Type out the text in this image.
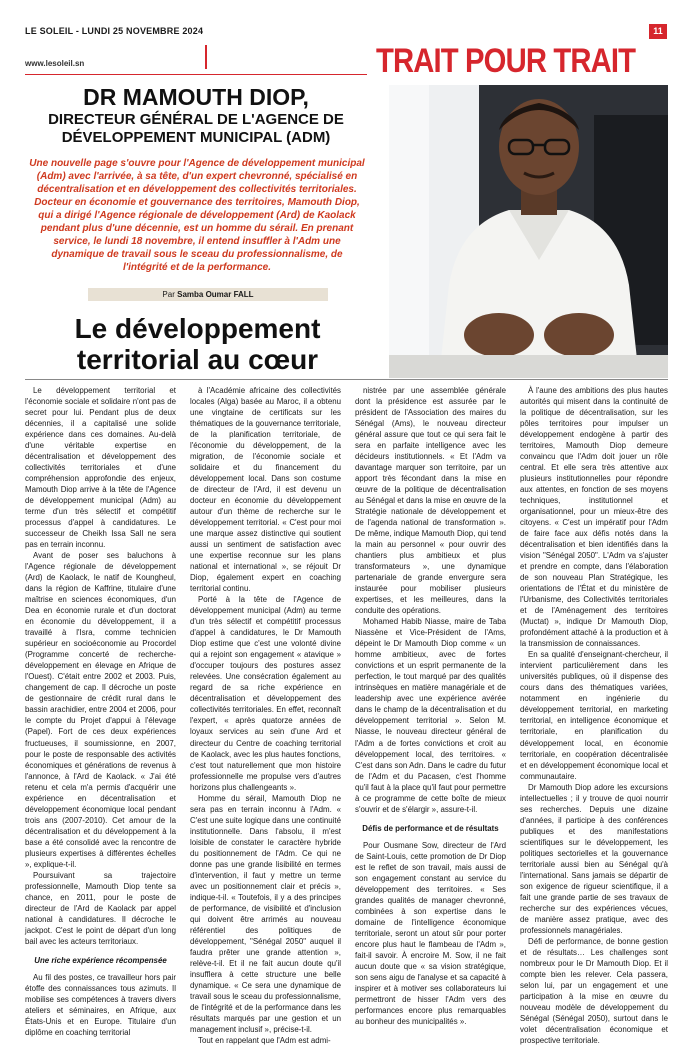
LE SOLEIL - LUNDI 25 NOVEMBRE 2024	11
www.lesoleil.sn	TRAIT POUR TRAIT
DR MAMOUTH DIOP,
DIRECTEUR GÉNÉRAL DE L'AGENCE DE DÉVELOPPEMENT MUNICIPAL (ADM)
Une nouvelle page s'ouvre pour l'Agence de développement municipal (Adm) avec l'arrivée, à sa tête, d'un expert chevronné, spécialisé en décentralisation et en développement des collectivités territoriales. Docteur en économie et gouvernance des territoires, Mamouth Diop, qui a dirigé l'Agence régionale de développement (Ard) de Kaolack pendant plus d'une décennie, est un homme du sérail. En prenant service, le lundi 18 novembre, il entend insuffler à l'Adm une dynamique de travail sous le sceau du professionnalisme, de l'intégrité et de la performance.
Par Samba Oumar FALL
Le développement territorial au cœur

Le développement territorial et l'économie sociale et solidaire n'ont pas de secret pour lui. Pendant plus de deux décennies, il a capitalisé une solide expérience dans ces domaines. Au-delà d'une véritable expertise en décentralisation et développement des collectivités territoriales et d'une compréhension approfondie des enjeux, Mamouth Diop arrive à la tête de l'Agence de développement municipal (Adm) au terme d'un très sélectif et compétitif processus d'appel à candidatures. Le successeur de Cheikh Issa Sall ne sera pas en terrain inconnu.

Avant de poser ses baluchons à l'Agence régionale de développement (Ard) de Kaolack, le natif de Koungheul, dans la région de Kaffrine, titulaire d'une maîtrise en sciences économiques, d'un Dea en économie rurale et d'un doctorat en économie du développement, il a travaillé à l'Isra, comme technicien supérieur en socioéconomie au Procordel (Programme concerté de recherche-développement en élevage en Afrique de l'Ouest). C'était entre 2002 et 2003. Puis, changement de cap. Il décroche un poste de gestionnaire de crédit rural dans le bassin arachidier, entre 2004 et 2006, pour le compte du Projet d'appui à l'élevage (Papel). Fort de ces deux expériences fructueuses, il soumissionne, en 2007, pour le poste de responsable des activités économiques et générations de revenus à l'annonce, à l'Ard de Kaolack. « J'ai été retenu et cela m'a permis d'acquérir une expérience en décentralisation et développement économique local pendant trois ans (2007-2010). Cet amour de la décentralisation et du développement à la base a été consolidé avec la rencontre de plusieurs expertises à différentes échelles », explique-t-il.

Poursuivant sa trajectoire professionnelle, Mamouth Diop tente sa chance, en 2011, pour le poste de directeur de l'Ard de Kaolack par appel national à candidatures. Il décroche le jackpot. C'est le point de départ d'un long bail avec les acteurs territoriaux.

Une riche expérience récompensée

Au fil des postes, ce travailleur hors pair étoffe des connaissances tous azimuts. Il mobilise ses compétences à travers divers ateliers et séminaires, en Afrique, aux États-Unis et en Europe. Titulaire d'un diplôme en coaching territorial

à l'Académie africaine des collectivités locales (Alga) basée au Maroc, il a obtenu une vingtaine de certificats sur les thématiques de la gouvernance territoriale, de la planification territoriale, de l'économie du développement, de la migration, de l'économie sociale et solidaire et du financement du développement local. Dans son costume de directeur de l'Ard, il est devenu un docteur en économie du développement autour d'un thème de recherche sur le développement territorial. « C'est pour moi une marque assez distinctive qui soutient aussi un sentiment de satisfaction avec une expertise reconnue sur les plans national et international », se réjouit Dr Diop, également expert en coaching territorial continu.

Porté à la tête de l'Agence de développement municipal (Adm) au terme d'un très sélectif et compétitif processus d'appel à candidatures, le Dr Mamouth Diop estime que c'est une volonté divine qui a rejoint son engagement « atavique » d'occuper toujours des postures assez relevées. Une consécration également au regard de sa riche expérience en décentralisation et développement des collectivités territoriales. En effet, reconnaît l'expert, « après quatorze années de loyaux services au sein d'une Ard et directeur du Centre de coaching territorial de Kaolack, avec les plus hautes fonctions, c'est tout naturellement que mon histoire professionnelle me propulse vers d'autres horizons plus challengeants ».

Homme du sérail, Mamouth Diop ne sera pas en terrain inconnu à l'Adm. « C'est une suite logique dans une continuité institutionnelle. Dans l'absolu, il m'est loisible de constater le caractère hybride du positionnement de l'Adm. Ce qui ne donne pas une grande lisibilité en termes d'intervention, il faut y mettre un terme avec un positionnement clair et précis », indique-t-il. « Toutefois, il y a des principes de performance, de visibilité et d'inclusion qui doivent être arrimés au nouveau référentiel des politiques de développement, "Sénégal 2050" auquel il faudra prêter une grande attention », relève-t-il. Et il ne fait aucun doute qu'il insufflera à cette structure une belle dynamique. « Ce sera une dynamique de travail sous le sceau du professionnalisme, de l'intégrité et de la performance dans les résultats marqués par une gestion et un management inclusif », précise-t-il.

Tout en rappelant que l'Adm est admi-

nistrée par une assemblée générale dont la présidence est assurée par le président de l'Association des maires du Sénégal (Ams), le nouveau directeur général assure que tout ce qui sera fait le sera en parfaite intelligence avec les décideurs institutionnels. « Et l'Adm va davantage marquer son territoire, par un apport très fécondant dans la mise en œuvre de la politique de décentralisation au Sénégal et dans la mise en œuvre de la Stratégie nationale de développement et de l'agenda national de transformation ». De même, indique Mamouth Diop, qui tend la main au personnel « pour ouvrir des chantiers plus ambitieux et plus transformateurs », une dynamique partenariale de grande envergure sera instaurée pour mobiliser plusieurs expertises, et les meilleures, dans la conduite des opérations.

Mohamed Habib Niasse, maire de Taba Niassène et Vice-Président de l'Ams, dépeint le Dr Mamouth Diop comme « un homme ambitieux, avec de fortes convictions et un esprit permanente de la perfection, le tout marqué par des qualités intrinsèques en matière managériale et de leadership avec une expérience avérée dans le champ de la décentralisation et du développement territorial ». Selon M. Niasse, le nouveau directeur général de l'Adm a de fortes convictions et croit au développement local, des territoires. « C'est dans son Adn. Dans le cadre du futur de l'Adm et du Pacasen, c'est l'homme qu'il faut à la place qu'il faut pour permettre à ce programme de cette boîte de mieux s'ouvrir et de s'élargir », assure-t-il.

Défis de performance et de résultats

Pour Ousmane Sow, directeur de l'Ard de Saint-Louis, cette promotion de Dr Diop est le reflet de son travail, mais aussi de son engagement constant au service du développement des territoires. « Ses grandes qualités de manager chevronné, combinées à son expertise dans le domaine de l'intelligence économique territoriale, seront un atout sûr pour porter encore plus haut le flambeau de l'Adm », fait-il savoir. À encroire M. Sow, il ne fait aucun doute que « sa vision stratégique, son sens aigu de l'analyse et sa capacité à inspirer et à motiver ses collaborateurs lui permettront de hisser l'Adm vers des performances encore plus remarquables au bonheur des municipalités ».

À l'aune des ambitions des plus hautes autorités qui misent dans la continuité de la politique de décentralisation, sur les pôles territoires pour impulser un développement endogène à partir des territoires, Mamouth Diop demeure convaincu que l'Adm doit jouer un rôle central. Et elle sera très attentive aux plusieurs institutionnelles pour répondre aux attentes, en fonction de ses moyens techniques, institutionnel et organisationnel, pour un mieux-être des citoyens. « C'est un impératif pour l'Adm de faire face aux défis notés dans la décentralisation et bien identifiés dans la vision "Sénégal 2050". L'Adm va s'ajuster et prendre en compte, dans l'élaboration de son nouveau Plan Stratégique, les orientations de l'État et du ministère de l'Urbanisme, des Collectivités territoriales et de l'Aménagement des territoires (Muctat) », indique Dr Mamouth Diop, profondément attaché à la production et à la transmission de connaissances.

En sa qualité d'enseignant-chercheur, il intervient particulièrement dans les universités publiques, où il dispense des cours dans des thématiques variées, notamment en ingénierie du développement territorial, en marketing territorial, en intelligence économique et territoriale, en planification du développement local, en économie territoriale, en coopération décentralisée et en développement économique local et communautaire.

Dr Mamouth Diop adore les excursions intellectuelles ; il y trouve de quoi nourrir ses recherches. Depuis une dizaine d'années, il participe à des conférences publiques et des manifestations scientifiques sur le développement, les politiques sectorielles et la gouvernance territoriale aussi bien au Sénégal qu'à l'international. Sans jamais se départir de son exigence de rigueur scientifique, il a fait une grande partie de ses travaux de recherche sur des expériences vécues, de manière assez pratique, avec des professionnels managériales.

Défi de performance, de bonne gestion et de résultats… Les challenges sont nombreux pour le Dr Mamouth Diop. Et il compte bien les relever. Cela passera, selon lui, par un engagement et une participation à la mise en œuvre du nouveau modèle de développement du Sénégal (Sénégal 2050), surtout dans le volet décentralisation économique et prospective territoriale.
